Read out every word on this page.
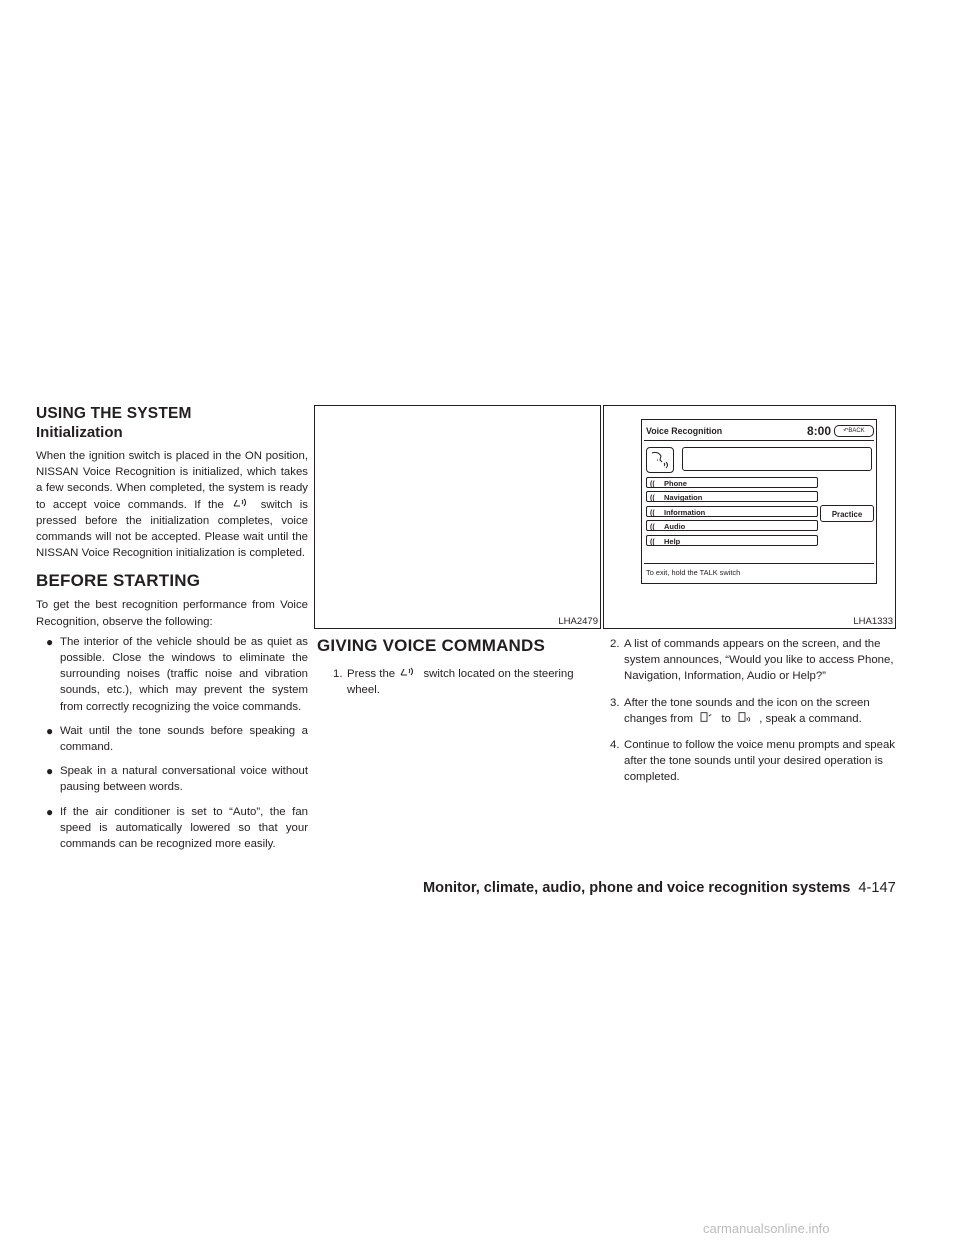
USING THE SYSTEM
Initialization

When the ignition switch is placed in the ON position, NISSAN Voice Recognition is initialized, which takes a few seconds. When completed, the system is ready to accept voice commands. If the	switch is pressed before the initialization completes, voice commands will not be accepted. Please wait until the NISSAN Voice Recognition initialization is completed.

BEFORE STARTING

To get the best recognition performance from Voice Recognition, observe the following:

● The interior of the vehicle should be as quiet as possible. Close the windows to eliminate the surrounding noises (traffic noise and vibration sounds, etc.), which may prevent the system from correctly recognizing the voice commands.
● Wait until the tone sounds before speaking a command.
● Speak in a natural conversational voice without pausing between words.
● If the air conditioner is set to “Auto”, the fan speed is automatically lowered so that your commands can be recognized more easily.
LHA2479
Voice Recognition	8:00	↶BACK
(( Phone
(( Navigation
(( Information
(( Audio
(( Help
Practice
To exit, hold the TALK switch
LHA1333
GIVING VOICE COMMANDS
1. Press the switch located on the steering wheel.
2. A list of commands appears on the screen, and the system announces, “Would you like to access Phone, Navigation, Information, Audio or Help?”
3. After the tone sounds and the icon on the screen changes from to , speak a command.
4. Continue to follow the voice menu prompts and speak after the tone sounds until your desired operation is completed.
Monitor, climate, audio, phone and voice recognition systems 4-147
carmanualsonline.info
